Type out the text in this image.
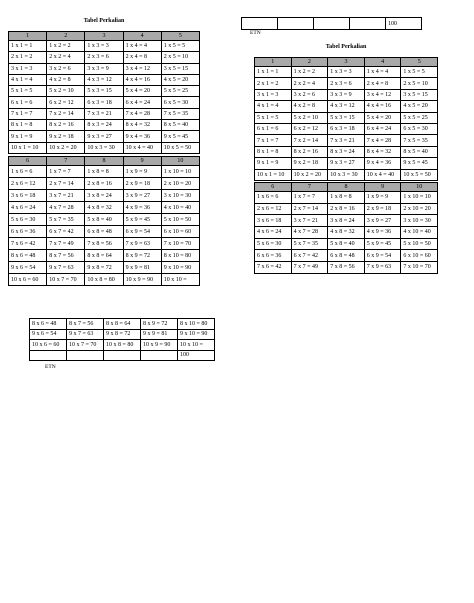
Tabel Perkalian
1	2	3	4	5
1 x 1 = 1	1 x 2 = 2	1 x 3 = 3	1 x 4 = 4	1 x 5 = 5
2 x 1 = 2	2 x 2 = 4	2 x 3 = 6	2 x 4 = 8	2 x 5 = 10
3 x 1 = 3	3 x 2 = 6	3 x 3 = 9	3 x 4 = 12	3 x 5 = 15
4 x 1 = 4	4 x 2 = 8	4 x 3 = 12	4 x 4 = 16	4 x 5 = 20
5 x 1 = 5	5 x 2 = 10	5 x 3 = 15	5 x 4 = 20	5 x 5 = 25
6 x 1 = 6	6 x 2 = 12	6 x 3 = 18	6 x 4 = 24	6 x 5 = 30
7 x 1 = 7	7 x 2 = 14	7 x 3 = 21	7 x 4 = 28	7 x 5 = 35
8 x 1 = 8	8 x 2 = 16	8 x 3 = 24	8 x 4 = 32	8 x 5 = 40
9 x 1 = 9	9 x 2 = 18	9 x 3 = 27	9 x 4 = 36	9 x 5 = 45
10 x 1 = 10	10 x 2 = 20	10 x 3 = 30	10 x 4 = 40	10 x 5 = 50
6	7	8	9	10
1 x 6 = 6	1 x 7 = 7	1 x 8 = 8	1 x 9 = 9	1 x 10 = 10
2 x 6 = 12	2 x 7 = 14	2 x 8 = 16	2 x 9 = 18	2 x 10 = 20
3 x 6 = 18	3 x 7 = 21	3 x 8 = 24	3 x 9 = 27	3 x 10 = 30
4 x 6 = 24	4 x 7 = 28	4 x 8 = 32	4 x 9 = 36	4 x 10 = 40
5 x 6 = 30	5 x 7 = 35	5 x 8 = 40	5 x 9 = 45	5 x 10 = 50
6 x 6 = 36	6 x 7 = 42	6 x 8 = 48	6 x 9 = 54	6 x 10 = 60
7 x 6 = 42	7 x 7 = 49	7 x 8 = 56	7 x 9 = 63	7 x 10 = 70
8 x 6 = 48	8 x 7 = 56	8 x 8 = 64	8 x 9 = 72	8 x 10 = 80
9 x 6 = 54	9 x 7 = 63	9 x 8 = 72	9 x 9 = 81	9 x 10 = 90
10 x 6 = 60	10 x 7 = 70	10 x 8 = 80	10 x 9 = 90	10 x 10 =
				100
ETN
Tabel Perkalian
1	2	3	4	5
1 x 1 = 1	1 x 2 = 2	1 x 3 = 3	1 x 4 = 4	1 x 5 = 5
2 x 1 = 2	2 x 2 = 4	2 x 3 = 6	2 x 4 = 8	2 x 5 = 10
3 x 1 = 3	3 x 2 = 6	3 x 3 = 9	3 x 4 = 12	3 x 5 = 15
4 x 1 = 4	4 x 2 = 8	4 x 3 = 12	4 x 4 = 16	4 x 5 = 20
5 x 1 = 5	5 x 2 = 10	5 x 3 = 15	5 x 4 = 20	5 x 5 = 25
6 x 1 = 6	6 x 2 = 12	6 x 3 = 18	6 x 4 = 24	6 x 5 = 30
7 x 1 = 7	7 x 2 = 14	7 x 3 = 21	7 x 4 = 28	7 x 5 = 35
8 x 1 = 8	8 x 2 = 16	8 x 3 = 24	8 x 4 = 32	8 x 5 = 40
9 x 1 = 9	9 x 2 = 18	9 x 3 = 27	9 x 4 = 36	9 x 5 = 45
10 x 1 = 10	10 x 2 = 20	10 x 3 = 30	10 x 4 = 40	10 x 5 = 50
6	7	8	9	10
1 x 6 = 6	1 x 7 = 7	1 x 8 = 8	1 x 9 = 9	1 x 10 = 10
2 x 6 = 12	2 x 7 = 14	2 x 8 = 16	2 x 9 = 18	2 x 10 = 20
3 x 6 = 18	3 x 7 = 21	3 x 8 = 24	3 x 9 = 27	3 x 10 = 30
4 x 6 = 24	4 x 7 = 28	4 x 8 = 32	4 x 9 = 36	4 x 10 = 40
5 x 6 = 30	5 x 7 = 35	5 x 8 = 40	5 x 9 = 45	5 x 10 = 50
6 x 6 = 36	6 x 7 = 42	6 x 8 = 48	6 x 9 = 54	6 x 10 = 60
7 x 6 = 42	7 x 7 = 49	7 x 8 = 56	7 x 9 = 63	7 x 10 = 70
8 x 6 = 48	8 x 7 = 56	8 x 8 = 64	8 x 9 = 72	8 x 10 = 80
9 x 6 = 54	9 x 7 = 63	9 x 8 = 72	9 x 9 = 81	9 x 10 = 90
10 x 6 = 60	10 x 7 = 70	10 x 8 = 80	10 x 9 = 90	10 x 10 =
				100
ETN
